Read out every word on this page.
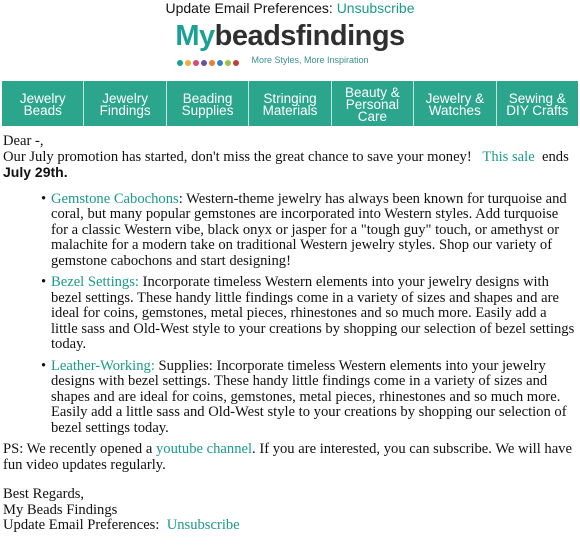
Update Email Preferences: Unsubscribe
Mybeadsfindings
More Styles, More Inspiration
Jewelry
Beads
Jewelry
Findings
Beading
Supplies
Stringing
Materials
Beauty &
Personal
Care
Jewelry &
Watches
Sewing &
DIY Crafts
Dear -,
Our July promotion has started, don't miss the great chance to save your money! This sale ends  July 29th.
• Gemstone Cabochons: Western-theme jewelry has always been known for turquoise and coral, but many popular gemstones are incorporated into Western styles. Add turquoise for a classic Western vibe, black onyx or jasper for a "tough guy" touch, or amethyst or malachite for a modern take on traditional Western jewelry styles. Shop our variety of gemstone cabochons and start designing!
• Bezel Settings: Incorporate timeless Western elements into your jewelry designs with bezel settings. These handy little findings come in a variety of sizes and shapes and are ideal for coins, gemstones, metal pieces, rhinestones and so much more. Easily add a little sass and Old-West style to your creations by shopping our selection of bezel settings today.
• Leather-Working: Supplies: Incorporate timeless Western elements into your jewelry designs with bezel settings. These handy little findings come in a variety of sizes and shapes and are ideal for coins, gemstones, metal pieces, rhinestones and so much more. Easily add a little sass and Old-West style to your creations by shopping our selection of bezel settings today.
PS: We recently opened a youtube channel. If you are interested, you can subscribe. We will have fun video updates regularly.
Best Regards,
My Beads Findings
Update Email Preferences: Unsubscribe
